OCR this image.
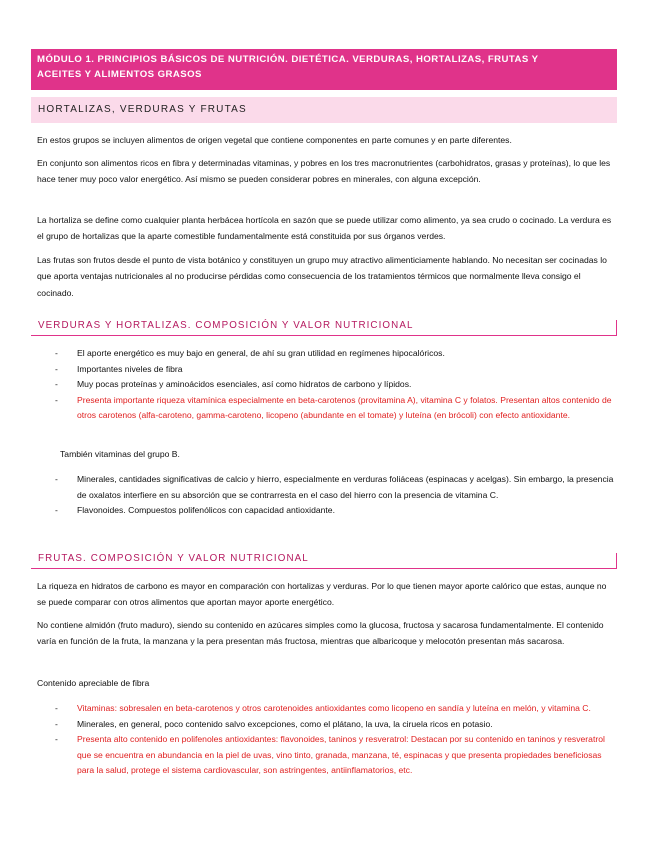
MÓDULO 1. PRINCIPIOS BÁSICOS DE NUTRICIÓN. DIETÉTICA. VERDURAS, HORTALIZAS, FRUTAS Y
ACEITES Y ALIMENTOS GRASOS
HORTALIZAS, VERDURAS Y FRUTAS
En estos grupos se incluyen alimentos de origen vegetal que contiene componentes en parte comunes y en parte diferentes.
En conjunto son alimentos ricos en fibra y determinadas vitaminas, y pobres en los tres macronutrientes (carbohidratos, grasas y proteínas), lo que les hace tener muy poco valor energético. Así mismo se pueden considerar pobres en minerales, con alguna excepción.
La hortaliza se define como cualquier planta herbácea hortícola en sazón que se puede utilizar como alimento, ya sea crudo o cocinado. La verdura es el grupo de hortalizas que la aparte comestible fundamentalmente está constituida por sus órganos verdes.
Las frutas son frutos desde el punto de vista botánico y constituyen un grupo muy atractivo alimenticiamente hablando. No necesitan ser cocinadas lo que aporta ventajas nutricionales al no producirse pérdidas como consecuencia de los tratamientos térmicos que normalmente lleva consigo el cocinado.
VERDURAS Y HORTALIZAS. COMPOSICIÓN Y VALOR NUTRICIONAL
- El aporte energético es muy bajo en general, de ahí su gran utilidad en regímenes hipocalóricos.
- Importantes niveles de fibra
- Muy pocas proteínas y aminoácidos esenciales, así como hidratos de carbono y lípidos.
- Presenta importante riqueza vitamínica especialmente en beta-carotenos (provitamina A), vitamina C y folatos. Presentan altos contenido de otros carotenos (alfa-caroteno, gamma-caroteno, licopeno (abundante en el tomate) y luteína (en brócoli) con efecto antioxidante.
También vitaminas del grupo B.
- Minerales, cantidades significativas de calcio y hierro, especialmente en verduras foliáceas (espinacas y acelgas). Sin embargo, la presencia de oxalatos interfiere en su absorción que se contrarresta en el caso del hierro con la presencia de vitamina C.
- Flavonoides. Compuestos polifenólicos con capacidad antioxidante.
FRUTAS. COMPOSICIÓN Y VALOR NUTRICIONAL
La riqueza en hidratos de carbono es mayor en comparación con hortalizas y verduras. Por lo que tienen mayor aporte calórico que estas, aunque no se puede comparar con otros alimentos que aportan mayor aporte energético.
No contiene almidón (fruto maduro), siendo su contenido en azúcares simples como la glucosa, fructosa y sacarosa fundamentalmente. El contenido varía en función de la fruta, la manzana y la pera presentan más fructosa, mientras que albaricoque y melocotón presentan más sacarosa.
Contenido apreciable de fibra
- Vitaminas: sobresalen en beta-carotenos y otros carotenoides antioxidantes como licopeno en sandía y luteína en melón, y vitamina C.
- Minerales, en general, poco contenido salvo excepciones, como el plátano, la uva, la ciruela ricos en potasio.
- Presenta alto contenido en polifenoles antioxidantes: flavonoides, taninos y resveratrol: Destacan por su contenido en taninos y resveratrol que se encuentra en abundancia en la piel de uvas, vino tinto, granada, manzana, té, espinacas y que presenta propiedades beneficiosas para la salud, protege el sistema cardiovascular, son astringentes, antiinflamatorios, etc.
